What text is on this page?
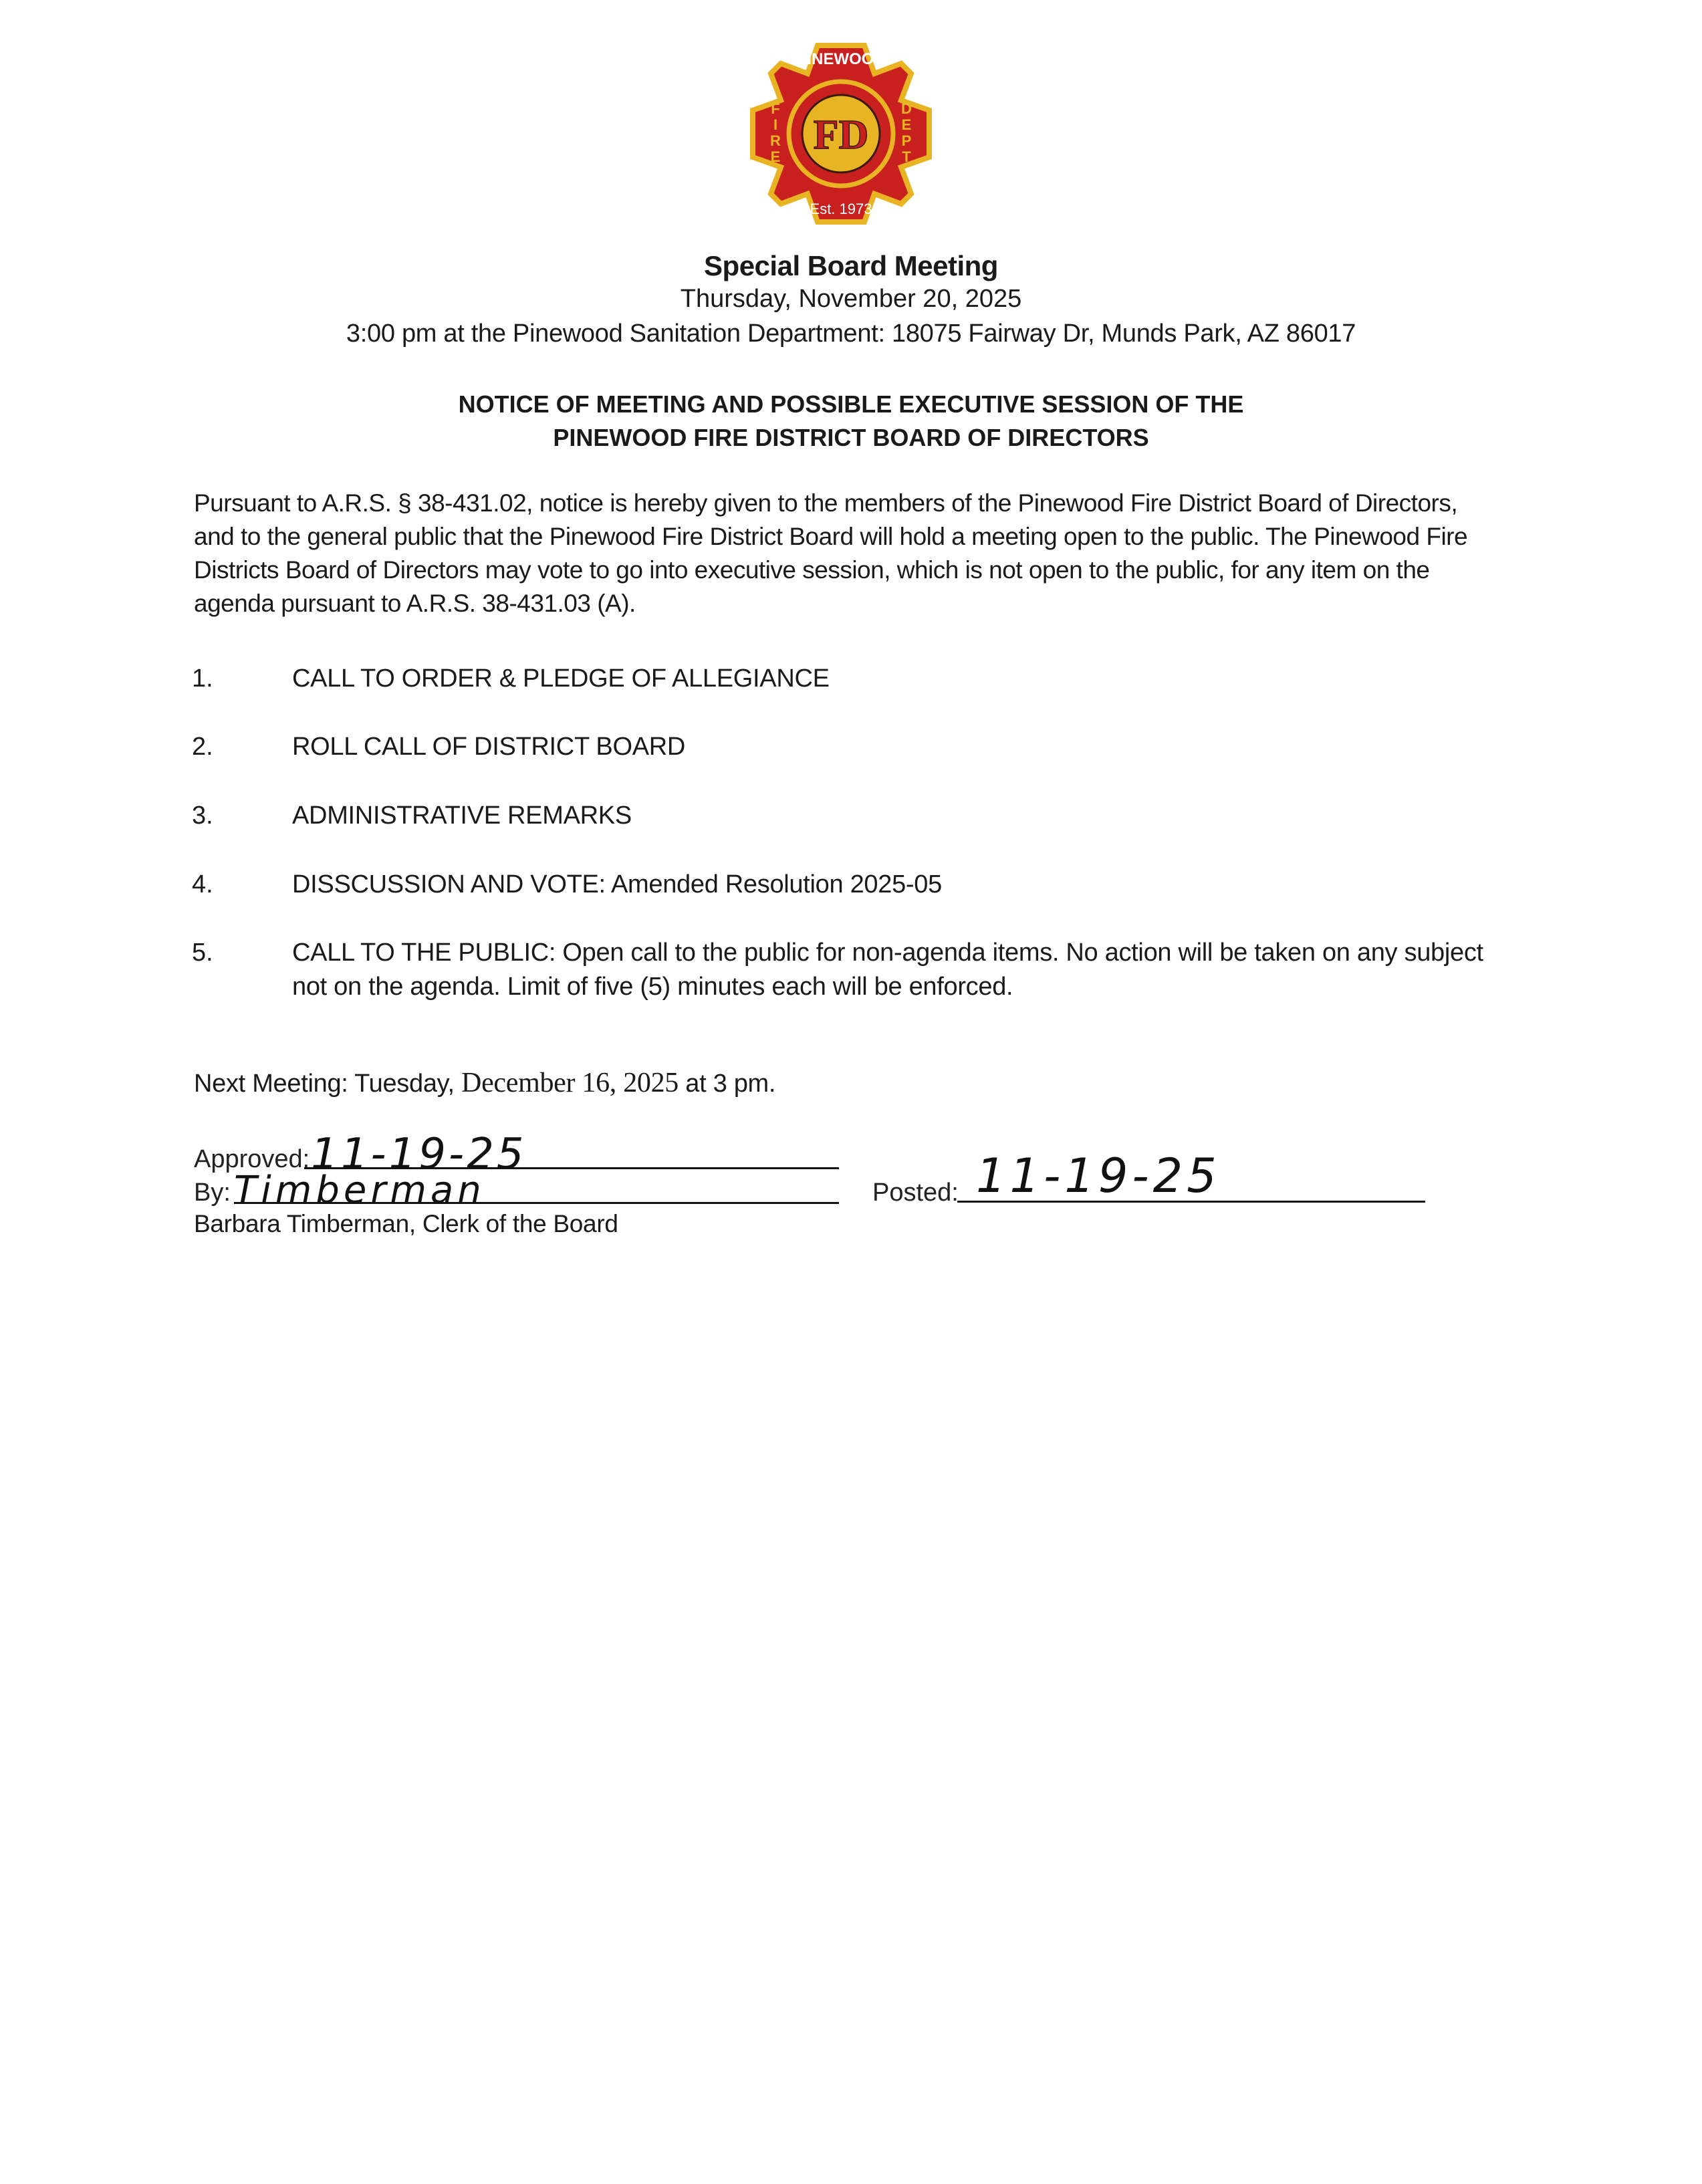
PINEWOOD
FD
F I R E
D E P T
Est. 1973
Special Board Meeting
Thursday, November 20, 2025
3:00 pm at the Pinewood Sanitation Department: 18075 Fairway Dr, Munds Park, AZ 86017
NOTICE OF MEETING AND POSSIBLE EXECUTIVE SESSION OF THE
PINEWOOD FIRE DISTRICT BOARD OF DIRECTORS
Pursuant to A.R.S. § 38-431.02, notice is hereby given to the members of the Pinewood Fire District Board of Directors,
and to the general public that the Pinewood Fire District Board will hold a meeting open to the public. The Pinewood Fire
Districts Board of Directors may vote to go into executive session, which is not open to the public, for any item on the
agenda pursuant to A.R.S. 38-431.03 (A).
1.	CALL TO ORDER & PLEDGE OF ALLEGIANCE
2.	ROLL CALL OF DISTRICT BOARD
3.	ADMINISTRATIVE REMARKS
4.	DISSCUSSION AND VOTE: Amended Resolution 2025-05
5.	CALL TO THE PUBLIC: Open call to the public for non-agenda items. No action will be taken on any subject
not on the agenda. Limit of five (5) minutes each will be enforced.
Next Meeting: Tuesday, December 16, 2025 at 3 pm.
Approved: 11-19-25
By: Timberman
Barbara Timberman, Clerk of the Board
Posted: 11-19-25
